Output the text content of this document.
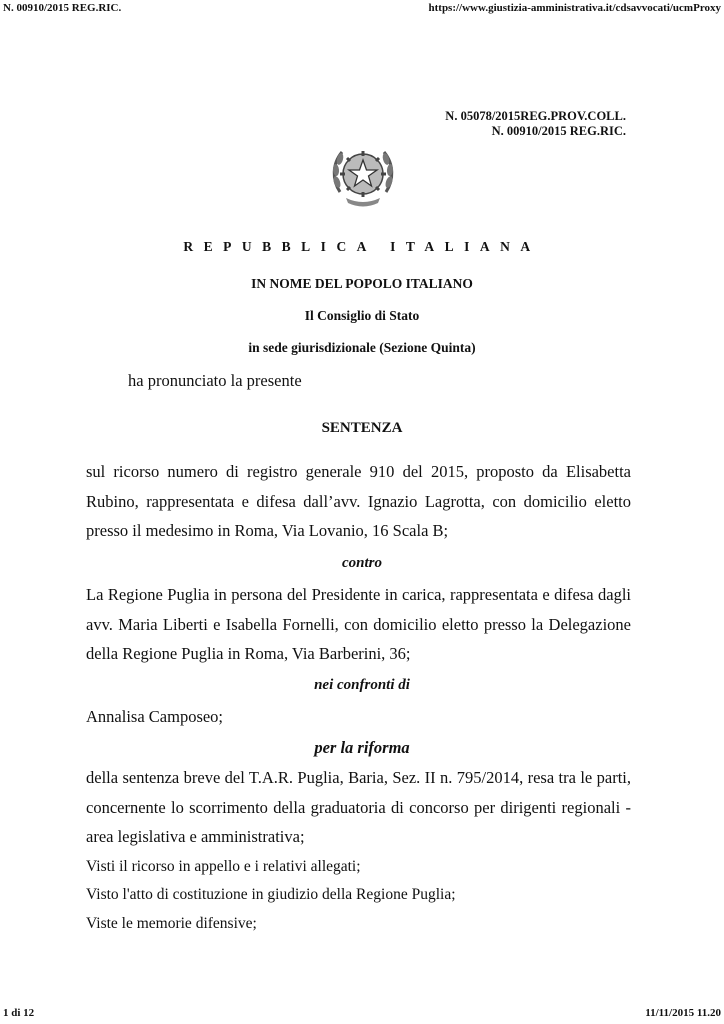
N. 00910/2015 REG.RIC.	https://www.giustizia-amministrativa.it/cdsavvocati/ucmProxy
N. 05078/2015REG.PROV.COLL.
N. 00910/2015 REG.RIC.
REPUBBLICA ITALIANA
IN NOME DEL POPOLO ITALIANO
Il Consiglio di Stato
in sede giurisdizionale (Sezione Quinta)
ha pronunciato la presente
SENTENZA
sul ricorso numero di registro generale 910 del 2015, proposto da Elisabetta Rubino, rappresentata e difesa dall’avv. Ignazio Lagrotta, con domicilio eletto presso il medesimo in Roma, Via Lovanio, 16 Scala B;
contro
La Regione Puglia in persona del Presidente in carica, rappresentata e difesa dagli avv. Maria Liberti e Isabella Fornelli, con domicilio eletto presso la Delegazione della Regione Puglia in Roma, Via Barberini, 36;
nei confronti di
Annalisa Camposeo;
per la riforma
della sentenza breve del T.A.R. Puglia, Baria, Sez. II n. 795/2014, resa tra le parti, concernente lo scorrimento della graduatoria di concorso per dirigenti regionali - area legislativa e amministrativa;
Visti il ricorso in appello e i relativi allegati;
Visto l'atto di costituzione in giudizio della Regione Puglia;
Viste le memorie difensive;
1 di 12	11/11/2015 11.20
